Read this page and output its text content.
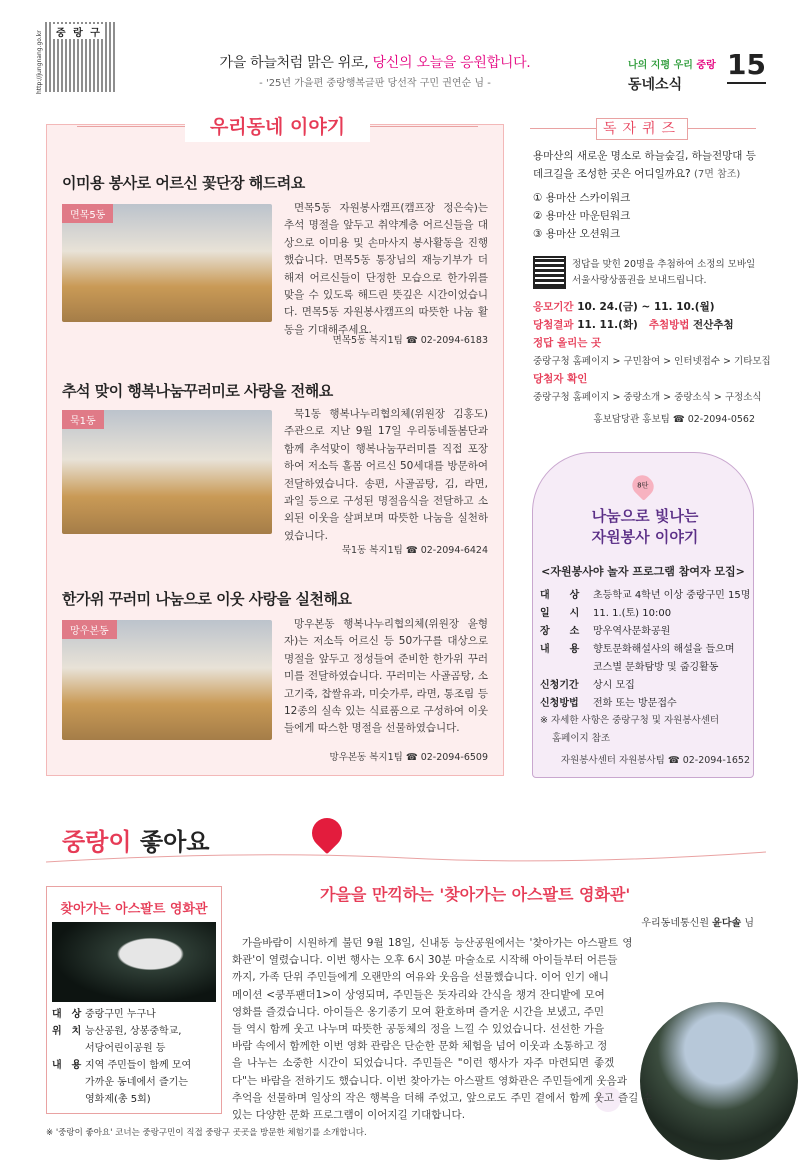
http://jungnang.go.kr	중 랑 구
가을 하늘처럼 맑은 위로, 당신의 오늘을 응원합니다.
- '25년 가을편 중랑행복글판 당선작 구민 권연순 님 -
나의 지평 우리 중랑
동네소식
15
우리동네 이야기
이미용 봉사로 어르신 꽃단장 해드려요
면목5동
면목5동 자원봉사캠프(캠프장 정은숙)는 추석 명절을 앞두고 취약계층 어르신들을 대상으로 이미용 및 손마사지 봉사활동을 진행했습니다. 면목5동 통장님의 재능기부가 더해져 어르신들이 단정한 모습으로 한가위를 맞을 수 있도록 해드린 뜻깊은 시간이었습니다. 면목5동 자원봉사캠프의 따뜻한 나눔 활동을 기대해주세요.
면목5동 복지1팀 ☎ 02-2094-6183
추석 맞이 행복나눔꾸러미로 사랑을 전해요
묵1동
묵1동 행복나누리협의체(위원장 김홍도) 주관으로 지난 9월 17일 우리동네돌봄단과 함께 추석맞이 행복나눔꾸러미를 직접 포장하여 저소득 홀몸 어르신 50세대를 방문하여 전달하였습니다. 송편, 사골곰탕, 김, 라면, 과일 등으로 구성된 명절음식을 전달하고 소외된 이웃을 살펴보며 따뜻한 나눔을 실천하였습니다.
묵1동 복지1팀 ☎ 02-2094-6424
한가위 꾸러미 나눔으로 이웃 사랑을 실천해요
망우본동
망우본동 행복나누리협의체(위원장 윤형자)는 저소득 어르신 등 50가구를 대상으로 명절을 앞두고 정성들여 준비한 한가위 꾸러미를 전달하였습니다. 꾸러미는 사골곰탕, 소고기죽, 찹쌀유과, 미숫가루, 라면, 통조림 등 12종의 실속 있는 식료품으로 구성하여 이웃들에게 따스한 명절을 선물하였습니다.
망우본동 복지1팀 ☎ 02-2094-6509
독자퀴즈
용마산의 새로운 명소로 하늘숲길, 하늘전망대 등 데크길을 조성한 곳은 어디일까요? (7면 참조)
① 용마산 스카이워크
② 용마산 마운틴워크
③ 용마산 오션워크
정답을 맞힌 20명을 추첨하여 소정의 모바일 서울사랑상품권을 보내드립니다.
응모기간 10. 24.(금) ~ 11. 10.(월)
당첨결과 11. 11.(화) 추첨방법 전산추첨
정답 올리는 곳
중랑구청 홈페이지 > 구민참여 > 인터넷접수 > 기타모집
당첨자 확인
중랑구청 홈페이지 > 중랑소개 > 중랑소식 > 구정소식
홍보담당관 홍보팀 ☎ 02-2094-0562
8탄
나눔으로 빛나는
자원봉사 이야기
<자원봉사야 놀자 프로그램 참여자 모집>
대　　상 초등학교 4학년 이상 중랑구민 15명
일　　시 11. 1.(토) 10:00
장　　소 망우역사문화공원
내　　용 향토문화해설사의 해설을 들으며
코스별 문화탐방 및 줍깅활동
신청기간 상시 모집
신청방법 전화 또는 방문접수
※ 자세한 사항은 중랑구청 및 자원봉사센터
홈페이지 참조
자원봉사센터 자원봉사팀 ☎ 02-2094-1652
중랑이 좋아요
찾아가는 아스팔트 영화관
대　상 중랑구민 누구나
위　치 능산공원, 상봉중학교,
서당어린이공원 등
내　용 지역 주민들이 함께 모여
가까운 동네에서 즐기는
영화제(총 5회)
가을을 만끽하는 '찾아가는 아스팔트 영화관'
우리동네통신원 윤다솔 님
가을바람이 시원하게 불던 9월 18일, 신내동 능산공원에서는 '찾아가는 아스팔트 영화관'이 열렸습니다. 이번 행사는 오후 6시 30분 마술쇼로 시작해 아이들부터 어른들까지, 가족 단위 주민들에게 오랜만의 여유와 웃음을 선물했습니다. 이어 인기 애니메이션 <쿵푸팬더1>이 상영되며, 주민들은 돗자리와 간식을 챙겨 잔디밭에 모여 영화를 즐겼습니다. 아이들은 옹기종기 모여 환호하며 즐거운 시간을 보냈고, 주민들 역시 함께 웃고 나누며 따뜻한 공동체의 정을 느낄 수 있었습니다. 선선한 가을바람 속에서 함께한 이번 영화 관람은 단순한 문화 체험을 넘어 이웃과 소통하고 정을 나누는 소중한 시간이 되었습니다. 주민들은 "이런 행사가 자주 마련되면 좋겠다"는 바람을 전하기도 했습니다. 이번 찾아가는 아스팔트 영화관은 주민들에게 웃음과 추억을 선물하며 일상의 작은 행복을 더해 주었고, 앞으로도 주민 곁에서 함께 웃고 즐길 수 있는 다양한 문화 프로그램이 이어지길 기대합니다.
※ '중랑이 좋아요' 코너는 중랑구민이 직접 중랑구 곳곳을 방문한 체험기를 소개합니다.
